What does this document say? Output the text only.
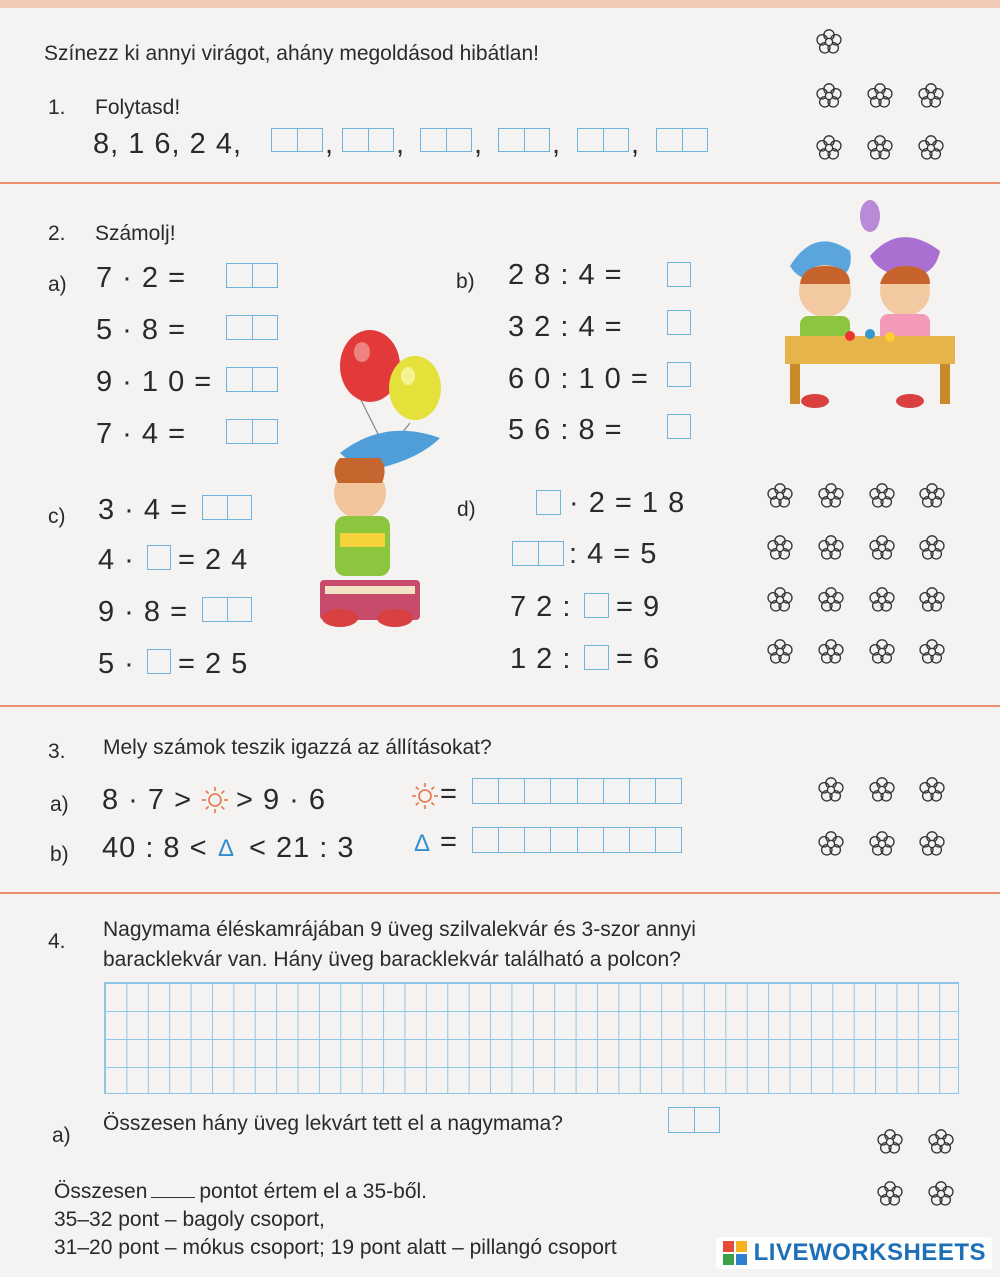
Színezz ki annyi virágot, ahány megoldásod hibátlan!
1. Folytasd!
8, 1 6, 2 4,	, , , , ,
2. Számolj!
a) 7 · 2 =
5 · 8 =
9 · 1 0 =
7 · 4 =
b) 2 8 : 4 =
3 2 : 4 =
6 0 : 1 0 =
5 6 : 8 =
c) 3 · 4 =
4 · = 2 4
9 · 8 =
5 · = 2 5
d)	· 2 = 1 8
: 4 = 5
7 2 : = 9
1 2 : = 6
3. Mely számok teszik igazzá az állításokat?
a) 8 · 7 > > 9 · 6	=
b) 40 : 8 < Δ < 21 : 3 Δ =
4.
Nagymama éléskamrájában 9 üveg szilvalekvár és 3-szor annyi
baracklekvár van. Hány üveg baracklekvár található a polcon?
a)
Összesen hány üveg lekvárt tett el a nagymama?
Összesen pontot értem el a 35-ből.
35–32 pont – bagoly csoport,
31–20 pont – mókus csoport; 19 pont alatt – pillangó csoport	LIVEWORKSHEETS
